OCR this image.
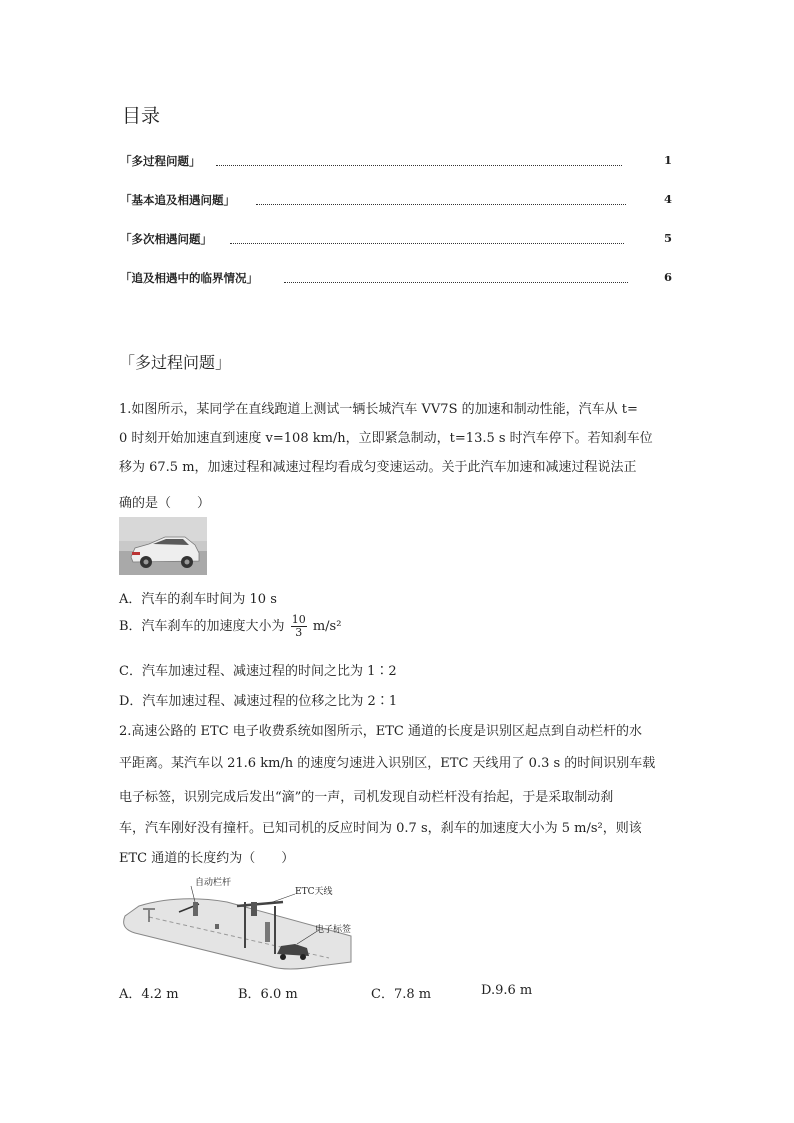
目录
「多过程问题」	1
「基本追及相遇问题」	4
「多次相遇问题」	5
「追及相遇中的临界情况」	6
「多过程问题」
1.如图所示，某同学在直线跑道上测试一辆长城汽车 VV7S 的加速和制动性能，汽车从 t=
0 时刻开始加速直到速度 v=108 km/h，立即紧急制动，t=13.5 s 时汽车停下。若知刹车位
移为 67.5 m，加速过程和减速过程均看成匀变速运动。关于此汽车加速和减速过程说法正
确的是（　　）
A．汽车的刹车时间为 10 s
B．汽车刹车的加速度大小为 $\frac{10}{3} m/s^2$
C．汽车加速过程、减速过程的时间之比为 1∶2
D．汽车加速过程、减速过程的位移之比为 2∶1
2.高速公路的 ETC 电子收费系统如图所示，ETC 通道的长度是识别区起点到自动栏杆的水
平距离。某汽车以 21.6 km/h 的速度匀速进入识别区，ETC 天线用了 0.3 s 的时间识别车载
电子标签，识别完成后发出“滴”的一声，司机发现自动栏杆没有抬起，于是采取制动刹
车，汽车刚好没有撞杆。已知司机的反应时间为 0.7 s，刹车的加速度大小为 5 m/s²，则该
ETC 通道的长度约为（　　）
自动栏杆
ETC天线
电子标签
A．4.2 m	B．6.0 m	C．7.8 m	D.9.6 m
